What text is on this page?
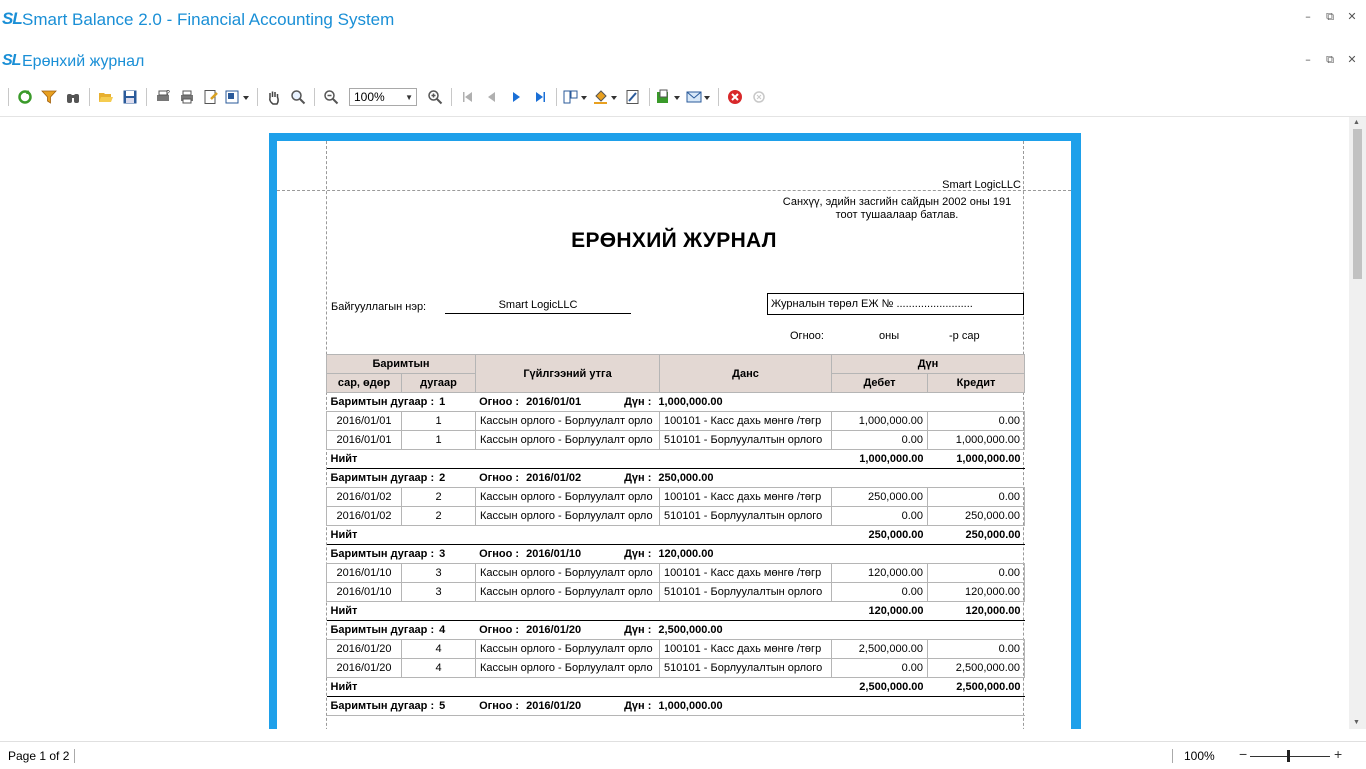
SL Smart Balance 2.0 - Financial Accounting System	– ⧉ ✕
SL Ерөнхий журнал	– ⧉ ✕
?	100%	▼
Smart LogicLLC
Санхүү, эдийн засгийн сайдын 2002 оны 191
тоот тушаалаар батлав.
ЕРӨНХИЙ ЖУРНАЛ
Байгууллагын нэр:	Smart LogicLLC	Журналын төрөл ЕЖ № .........................
Огноо:	оны	-р сар
Баримтын		Гүйлгээний утга	Данс	Дүн	
сар, өдөр	дугаар			Дебет	Кредит
Баримтын дугаар : 1 Огноо : 2016/01/01 Дүн : 1,000,000.00					
2016/01/01	1	Кассын орлого - Борлуулалт орло	100101 - Касс дахь мөнгө /төгр	1,000,000.00	0.00
2016/01/01	1	Кассын орлого - Борлуулалт орло	510101 - Борлуулалтын орлого	0.00	1,000,000.00
Нийт				1,000,000.00	1,000,000.00
Баримтын дугаар : 2 Огноо : 2016/01/02 Дүн : 250,000.00					
2016/01/02	2	Кассын орлого - Борлуулалт орло	100101 - Касс дахь мөнгө /төгр	250,000.00	0.00
2016/01/02	2	Кассын орлого - Борлуулалт орло	510101 - Борлуулалтын орлого	0.00	250,000.00
Нийт				250,000.00	250,000.00
Баримтын дугаар : 3 Огноо : 2016/01/10 Дүн : 120,000.00					
2016/01/10	3	Кассын орлого - Борлуулалт орло	100101 - Касс дахь мөнгө /төгр	120,000.00	0.00
2016/01/10	3	Кассын орлого - Борлуулалт орло	510101 - Борлуулалтын орлого	0.00	120,000.00
Нийт				120,000.00	120,000.00
Баримтын дугаар : 4 Огноо : 2016/01/20 Дүн : 2,500,000.00					
2016/01/20	4	Кассын орлого - Борлуулалт орло	100101 - Касс дахь мөнгө /төгр	2,500,000.00	0.00
2016/01/20	4	Кассын орлого - Борлуулалт орло	510101 - Борлуулалтын орлого	0.00	2,500,000.00
Нийт				2,500,000.00	2,500,000.00
Баримтын дугаар : 5 Огноо : 2016/01/20 Дүн : 1,000,000.00					
▲
▼
Page 1 of 2	100% −	+
